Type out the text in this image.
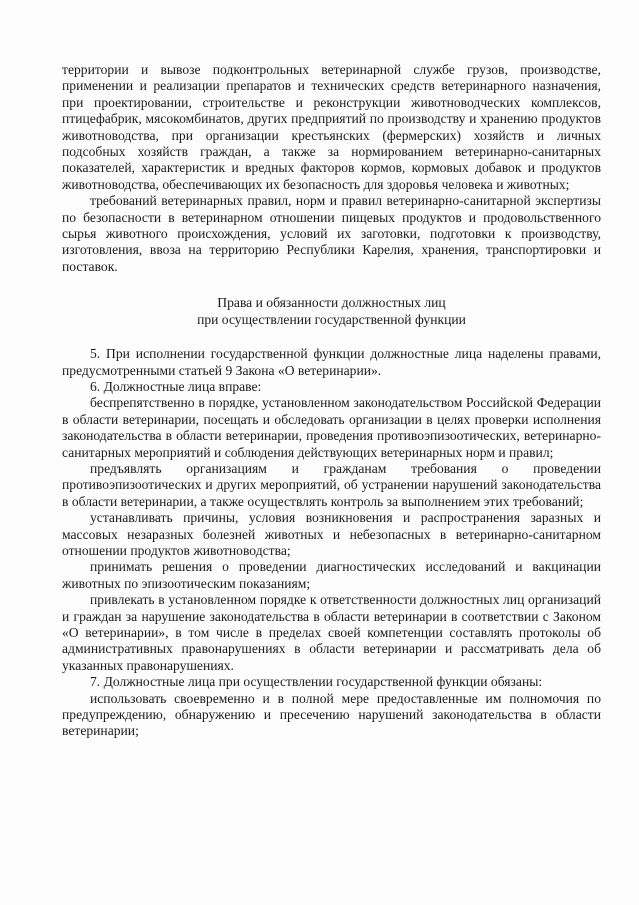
территории и вывозе подконтрольных ветеринарной службе грузов, производстве, применении и реализации препаратов и технических средств ветеринарного назначения, при проектировании, строительстве и реконструкции животноводческих комплексов, птицефабрик, мясокомбинатов, других предприятий по производству и хранению продуктов животноводства, при организации крестьянских (фермерских) хозяйств и личных подсобных хозяйств граждан, а также за нормированием ветеринарно-санитарных показателей, характеристик и вредных факторов кормов, кормовых добавок и продуктов животноводства, обеспечивающих их безопасность для здоровья человека и животных;

требований ветеринарных правил, норм и правил ветеринарно-санитарной экспертизы по безопасности в ветеринарном отношении пищевых продуктов и продовольственного сырья животного происхождения, условий их заготовки, подготовки к производству, изготовления, ввоза на территорию Республики Карелия, хранения, транспортировки и поставок.

Права и обязанности должностных лиц
при осуществлении государственной функции

5. При исполнении государственной функции должностные лица наделены правами, предусмотренными статьей 9 Закона «О ветеринарии».

6. Должностные лица вправе:

беспрепятственно в порядке, установленном законодательством Российской Федерации в области ветеринарии, посещать и обследовать организации в целях проверки исполнения законодательства в области ветеринарии, проведения противоэпизоотических, ветеринарно-санитарных мероприятий и соблюдения действующих ветеринарных норм и правил;

предъявлять организациям и гражданам требования о проведении противоэпизоотических и других мероприятий, об устранении нарушений законодательства в области ветеринарии, а также осуществлять контроль за выполнением этих требований;

устанавливать причины, условия возникновения и распространения заразных и массовых незаразных болезней животных и небезопасных в ветеринарно-санитарном отношении продуктов животноводства;

принимать решения о проведении диагностических исследований и вакцинации животных по эпизоотическим показаниям;

привлекать в установленном порядке к ответственности должностных лиц организаций и граждан за нарушение законодательства в области ветеринарии в соответствии с Законом «О ветеринарии», в том числе в пределах своей компетенции составлять протоколы об административных правонарушениях в области ветеринарии и рассматривать дела об указанных правонарушениях.

7. Должностные лица при осуществлении государственной функции обязаны:

использовать своевременно и в полной мере предоставленные им полномочия по предупреждению, обнаружению и пресечению нарушений законодательства в области ветеринарии;
